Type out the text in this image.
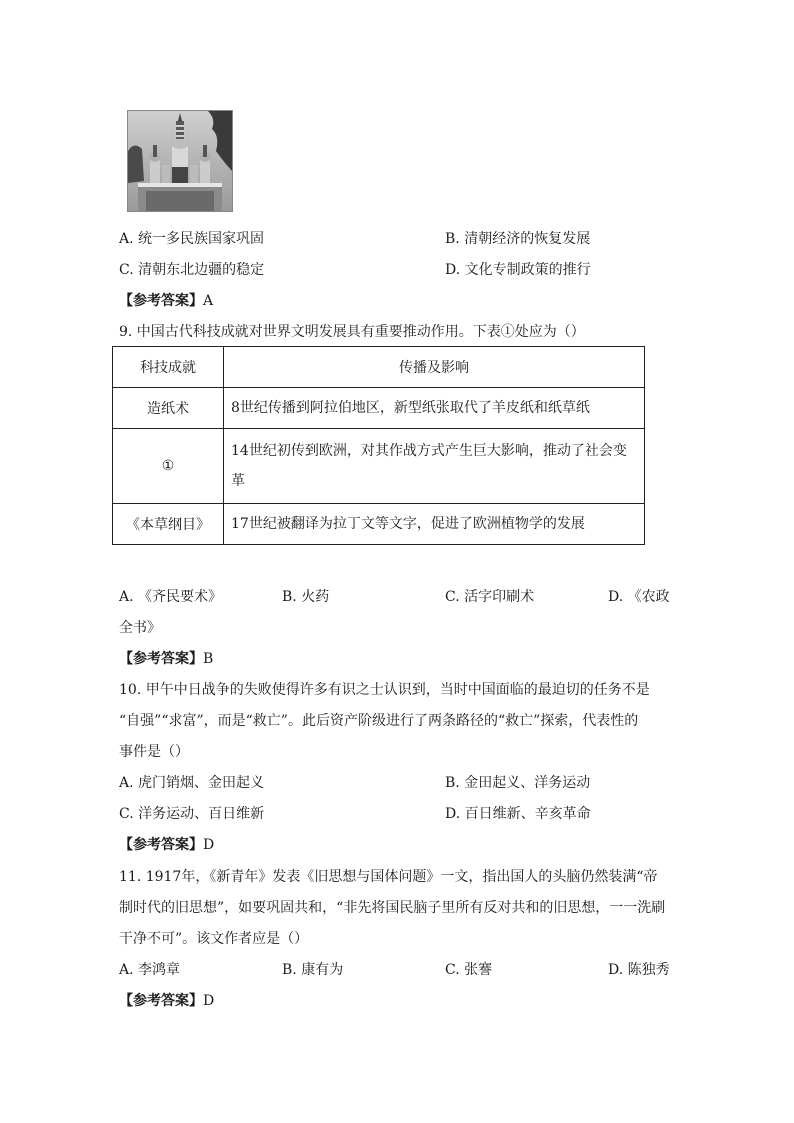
A. 统一多民族国家巩固	B. 清朝经济的恢复发展
C. 清朝东北边疆的稳定	D. 文化专制政策的推行
【参考答案】A
9. 中国古代科技成就对世界文明发展具有重要推动作用。下表①处应为（）
科技成就	传播及影响
造纸术	8世纪传播到阿拉伯地区，新型纸张取代了羊皮纸和纸草纸
①	14世纪初传到欧洲，对其作战方式产生巨大影响，推动了社会变革
《本草纲目》	17世纪被翻译为拉丁文等文字，促进了欧洲植物学的发展
A. 《齐民要术》	B. 火药	C. 活字印刷术	D. 《农政
全书》
【参考答案】B
10. 甲午中日战争的失败使得许多有识之士认识到，当时中国面临的最迫切的任务不是
“自强”“求富”，而是“救亡”。此后资产阶级进行了两条路径的“救亡”探索，代表性的
事件是（）
A. 虎门销烟、金田起义	B. 金田起义、洋务运动
C. 洋务运动、百日维新	D. 百日维新、辛亥革命
【参考答案】D
11. 1917年，《新青年》发表《旧思想与国体问题》一文，指出国人的头脑仍然装满“帝
制时代的旧思想”，如要巩固共和，“非先将国民脑子里所有反对共和的旧思想，一一洗刷
干净不可”。该文作者应是（）
A. 李鸿章	B. 康有为	C. 张謇	D. 陈独秀
【参考答案】D
